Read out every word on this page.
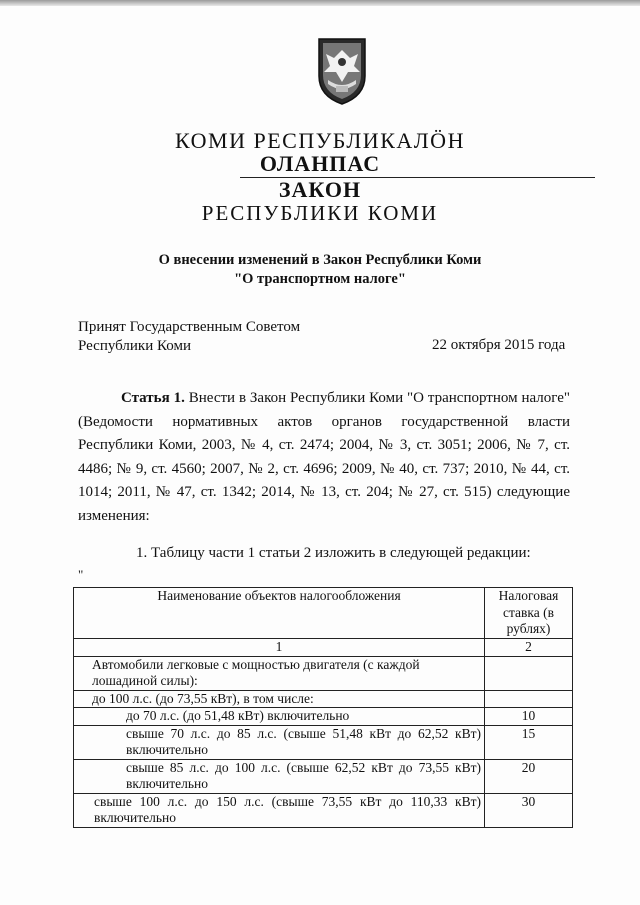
КОМИ РЕСПУБЛИКАЛÖН
ОЛАНПАС
ЗАКОН
РЕСПУБЛИКИ КОМИ
О внесении изменений в Закон Республики Коми
"О транспортном налоге"
Принят Государственным Советом
Республики Коми	22 октября 2015 года
Статья 1. Внести в Закон Республики Коми "О транспортном налоге" (Ведомости нормативных актов органов государственной власти Республики Коми, 2003, № 4, ст. 2474; 2004, № 3, ст. 3051; 2006, № 7, ст. 4486; № 9, ст. 4560; 2007, № 2, ст. 4696; 2009, № 40, ст. 737; 2010, № 44, ст. 1014; 2011, № 47, ст. 1342; 2014, № 13, ст. 204; № 27, ст. 515) следующие изменения:
1. Таблицу части 1 статьи 2 изложить в следующей редакции:
"
Наименование объектов налогообложения	Налоговая ставка (в рублях)
1	2
Автомобили легковые с мощностью двигателя (с каждой лошадиной силы):	
до 100 л.с. (до 73,55 кВт), в том числе:	
до 70 л.с. (до 51,48 кВт) включительно	10
свыше 70 л.с. до 85 л.с. (свыше 51,48 кВт до 62,52 кВт) включительно	15
свыше 85 л.с. до 100 л.с. (свыше 62,52 кВт до 73,55 кВт) включительно	20
свыше 100 л.с. до 150 л.с. (свыше 73,55 кВт до 110,33 кВт) включительно	30
